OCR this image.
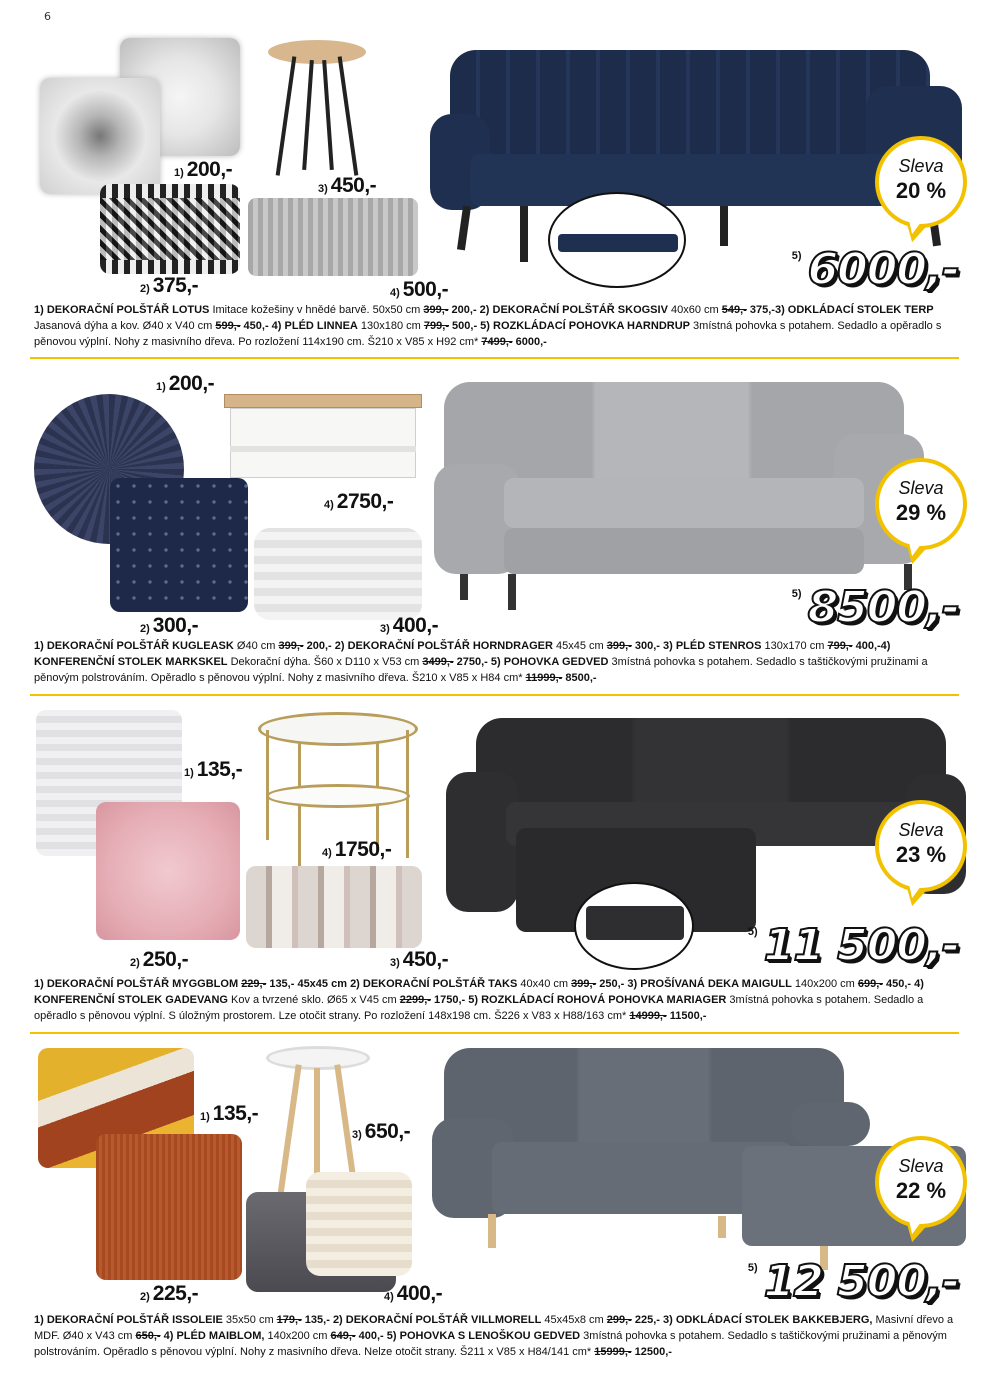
6
1) 200,-
2) 375,-
3) 450,-
4) 500,-
Sleva
20 %
$^{5)}$ 6000,-
1) DEKORAČNÍ POLŠTÁŘ LOTUS Imitace kožešiny v hnědé barvě. 50x50 cm 399,- 200,- 2) DEKORAČNÍ POLŠTÁŘ SKOGSIV 40x60 cm 549,- 375,-3) ODKLÁDACÍ STOLEK TERP Jasanová dýha a kov. Ø40 x V40 cm 599,- 450,- 4) PLÉD LINNEA 130x180 cm 799,- 500,- 5) ROZKLÁDACÍ POHOVKA HARNDRUP 3místná pohovka s potahem. Sedadlo a opěradlo s pěnovou výplní. Nohy z masivního dřeva. Po rozložení 114x190 cm. Š210 x V85 x H92 cm* 7499,- 6000,-
1) 200,-
2) 300,-	3) 400,-
4) 2750,-
Sleva
29 %
$^{5)}$ 8500,-
1) DEKORAČNÍ POLŠTÁŘ KUGLEASK Ø40 cm 399,- 200,- 2) DEKORAČNÍ POLŠTÁŘ HORNDRAGER 45x45 cm 399,- 300,- 3) PLÉD STENROS 130x170 cm 799,- 400,-4) KONFERENČNÍ STOLEK MARKSKEL Dekorační dýha. Š60 x D110 x V53 cm 3499,- 2750,- 5) POHOVKA GEDVED 3místná pohovka s potahem. Sedadlo s taštičkovými pružinami a pěnovým polstrováním. Opěradlo s pěnovou výplní. Nohy z masivního dřeva. Š210 x V85 x H84 cm* 11999,- 8500,-
1) 135,-
2) 250,-	3) 450,-
4) 1750,-
Sleva
23 %
$^{5)}$ 11 500,-
1) DEKORAČNÍ POLŠTÁŘ MYGGBLOM 229,- 135,- 45x45 cm 2) DEKORAČNÍ POLŠTÁŘ TAKS 40x40 cm 399,- 250,- 3) PROŠÍVANÁ DEKA MAIGULL 140x200 cm 699,- 450,- 4) KONFERENČNÍ STOLEK GADEVANG Kov a tvrzené sklo. Ø65 x V45 cm 2299,- 1750,- 5) ROZKLÁDACÍ ROHOVÁ POHOVKA MARIAGER 3místná pohovka s potahem. Sedadlo a opěradlo s pěnovou výplní. S úložným prostorem. Lze otočit strany. Po rozložení 148x198 cm. Š226 x V83 x H88/163 cm* 14999,- 11500,-
1) 135,-
2) 225,-
3) 650,-
4) 400,-
Sleva
22 %
$^{5)}$ 12 500,-
1) DEKORAČNÍ POLŠTÁŘ ISSOLEIE 35x50 cm 179,- 135,- 2) DEKORAČNÍ POLŠTÁŘ VILLMORELL 45x45x8 cm 299,- 225,- 3) ODKLÁDACÍ STOLEK BAKKEBJERG, Masivní dřevo a MDF. Ø40 x V43 cm 650,- 4) PLÉD MAIBLOM, 140x200 cm 649,- 400,- 5) POHOVKA S LENOŠKOU GEDVED 3místná pohovka s potahem. Sedadlo s taštičkovými pružinami a pěnovým polstrováním. Opěradlo s pěnovou výplní. Nohy z masivního dřeva. Nelze otočit strany. Š211 x V85 x H84/141 cm* 15999,- 12500,-
